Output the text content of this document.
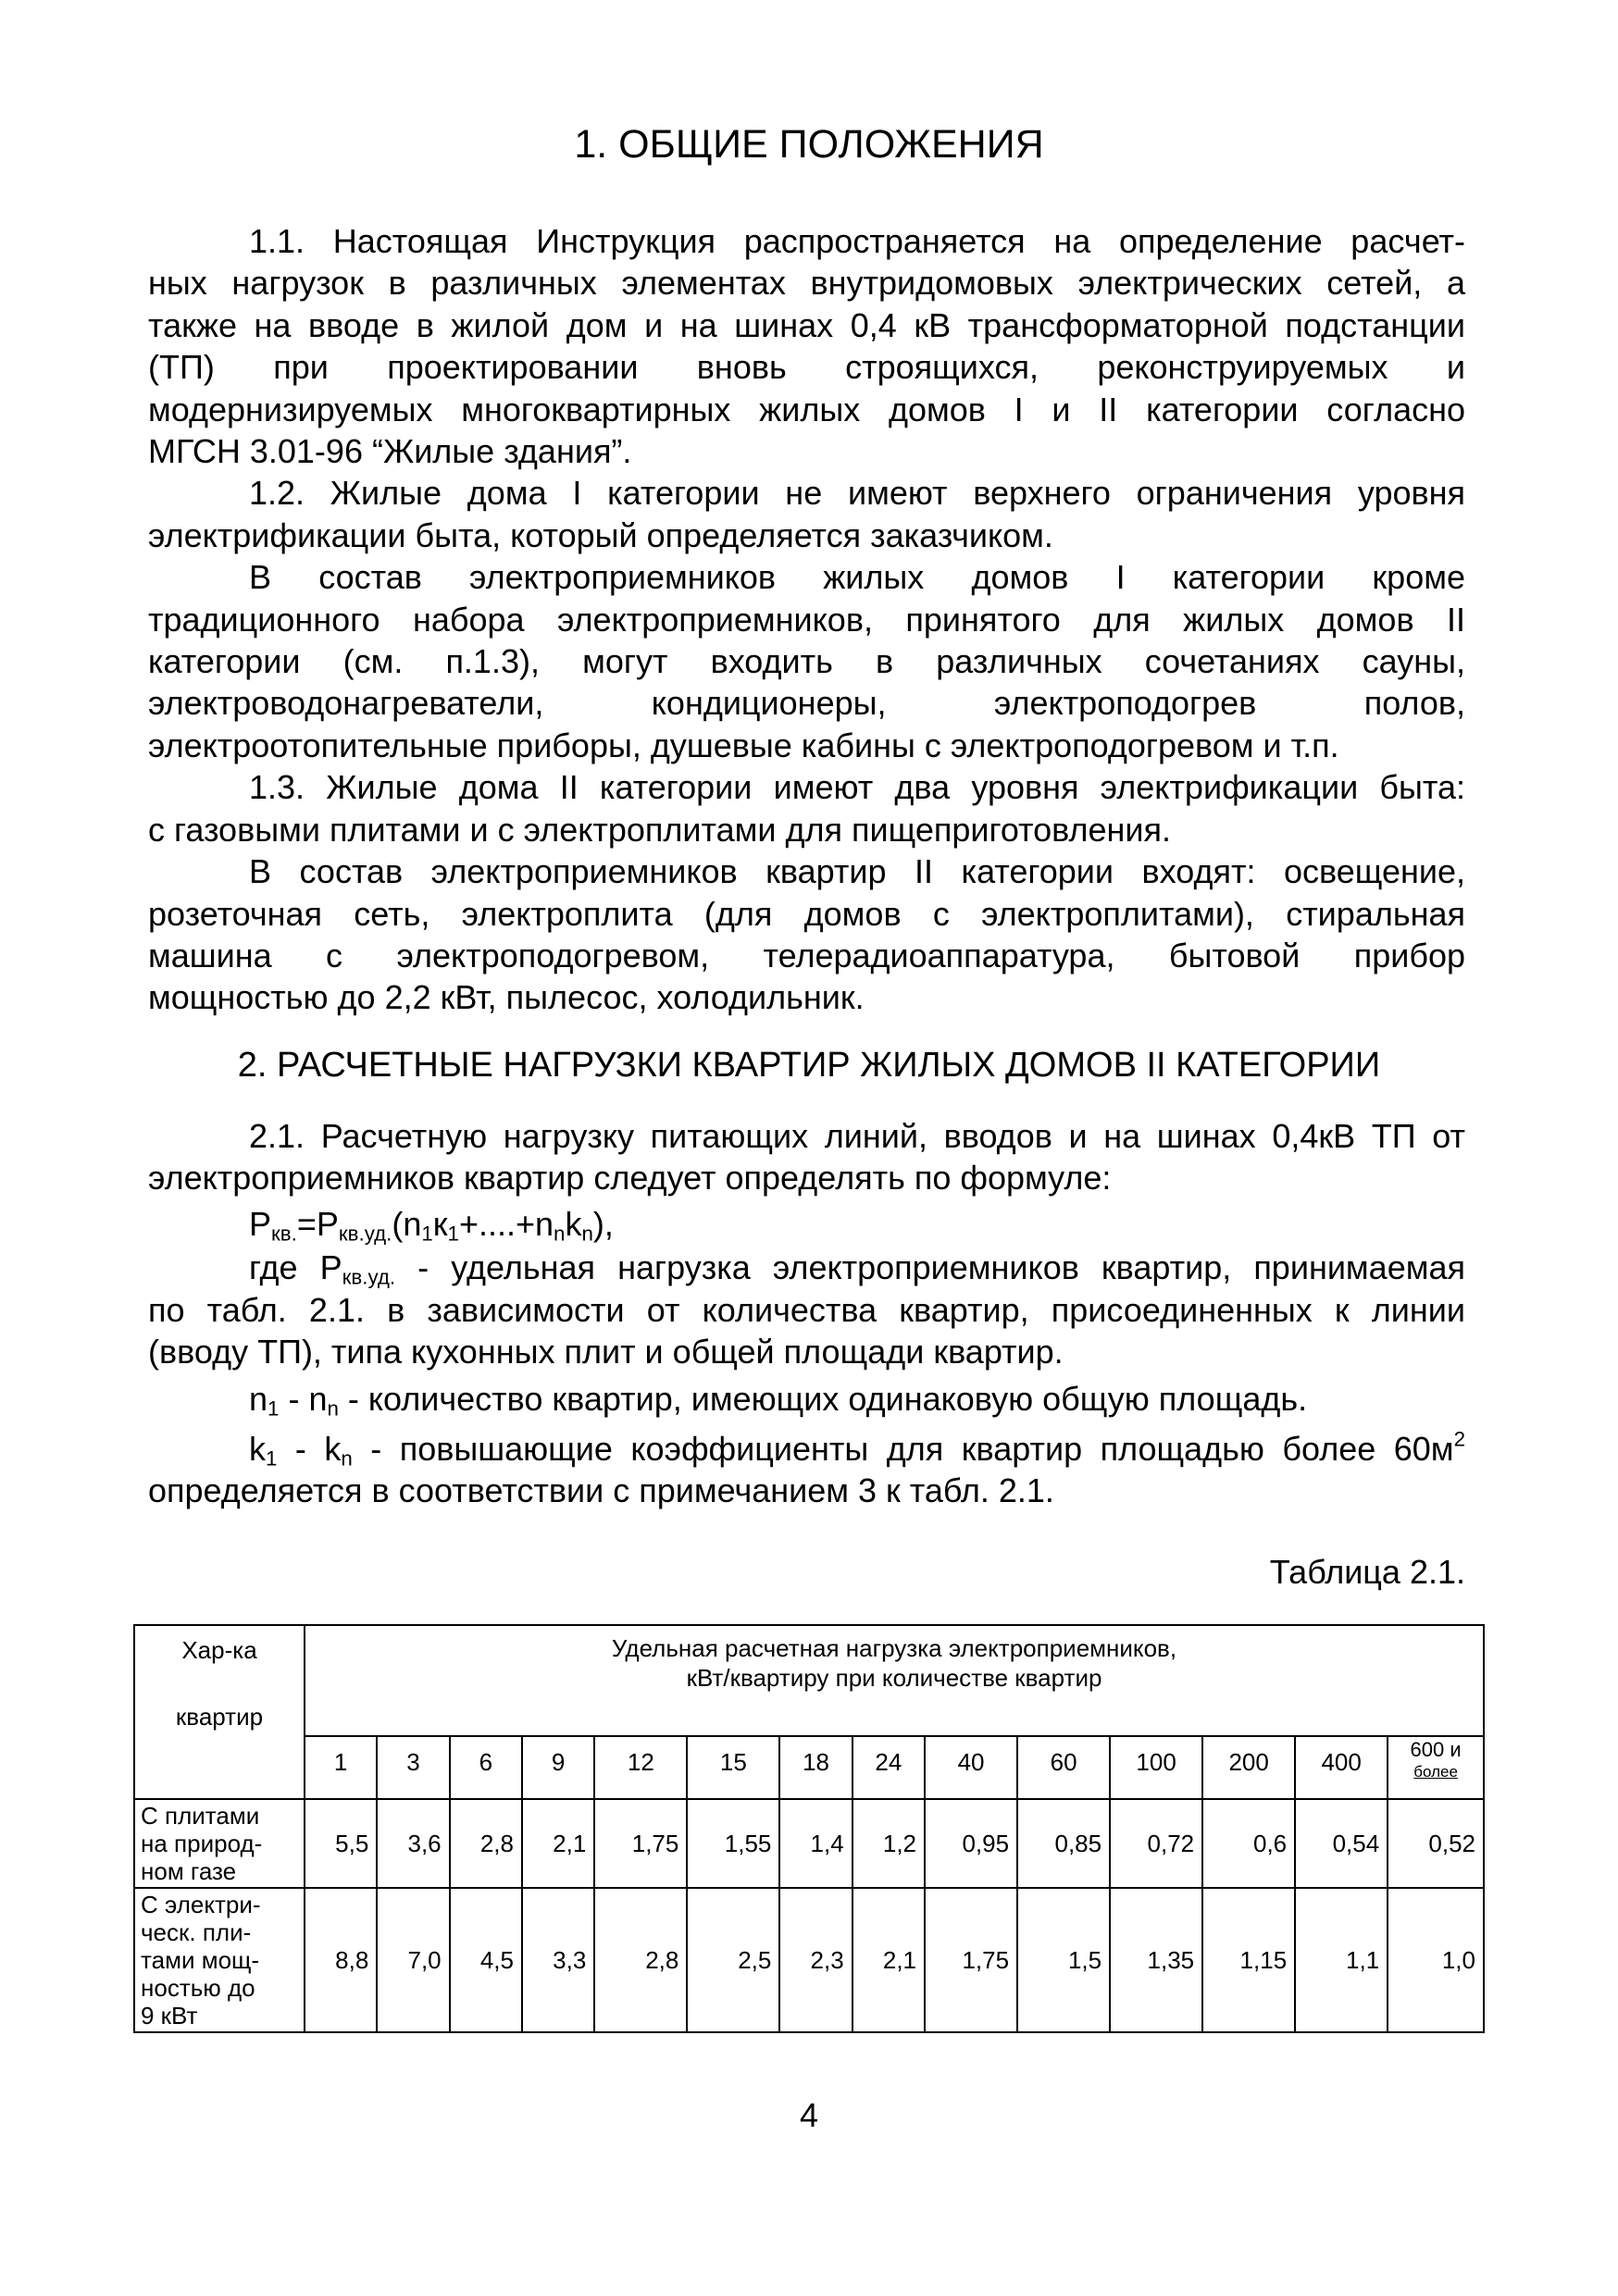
1. ОБЩИЕ ПОЛОЖЕНИЯ

1.1. Настоящая Инструкция распространяется на определение расчет-
ных нагрузок в различных элементах внутридомовых электрических сетей, а
также на вводе в жилой дом и на шинах 0,4 кВ трансформаторной подстанции
(ТП) при проектировании вновь строящихся, реконструируемых и
модернизируемых многоквартирных жилых домов I и II категории согласно
МГСН 3.01-96 “Жилые здания”.

1.2. Жилые дома I категории не имеют верхнего ограничения уровня
электрификации быта, который определяется заказчиком.

В состав электроприемников жилых домов I категории кроме
традиционного набора электроприемников, принятого для жилых домов II
категории (см. п.1.3), могут входить в различных сочетаниях сауны,
электроводонагреватели, кондиционеры, электроподогрев полов,
электроотопительные приборы, душевые кабины с электроподогревом и т.п.

1.3. Жилые дома II категории имеют два уровня электрификации быта:
с газовыми плитами и с электроплитами для пищеприготовления.

В состав электроприемников квартир II категории входят: освещение,
розеточная сеть, электроплита (для домов с электроплитами), стиральная
машина с электроподогревом, телерадиоаппаратура, бытовой прибор
мощностью до 2,2 кВт, пылесос, холодильник.

2. РАСЧЕТНЫЕ НАГРУЗКИ КВАРТИР ЖИЛЫХ ДОМОВ II КАТЕГОРИИ

2.1. Расчетную нагрузку питающих линий, вводов и на шинах 0,4кВ ТП от
электроприемников квартир следует определять по формуле:

$P_{кв.}=P_{кв.уд.}(n_1к_1+....+n_nk_n)$,

где $P_{кв.уд.}$ - удельная нагрузка электроприемников квартир, принимаемая
по табл. 2.1. в зависимости от количества квартир, присоединенных к линии
(вводу ТП), типа кухонных плит и общей площади квартир.

$n_1 - n_n$ - количество квартир, имеющих одинаковую общую площадь.

$k_1 - k_n$ - повышающие коэффициенты для квартир площадью более $60м^2$
определяется в соответствии с примечанием 3 к табл. 2.1.

Таблица 2.1.
Хар-ка
квартир	Удельная расчетная нагрузка электроприемников,
кВт/квартиру при количестве квартир													
	1	3	6	9	12	15	18	24	40	60	100	200	400	600 и
более

С плитами
на природ-
ном газе	5,5	3,6	2,8	2,1	1,75	1,55	1,4	1,2	0,95	0,85	0,72	0,6	0,54	0,52

С электри-
ческ. пли-
тами мощ-
ностью до
9 кВт	8,8	7,0	4,5	3,3	2,8	2,5	2,3	2,1	1,75	1,5	1,35	1,15	1,1	1,0
4
